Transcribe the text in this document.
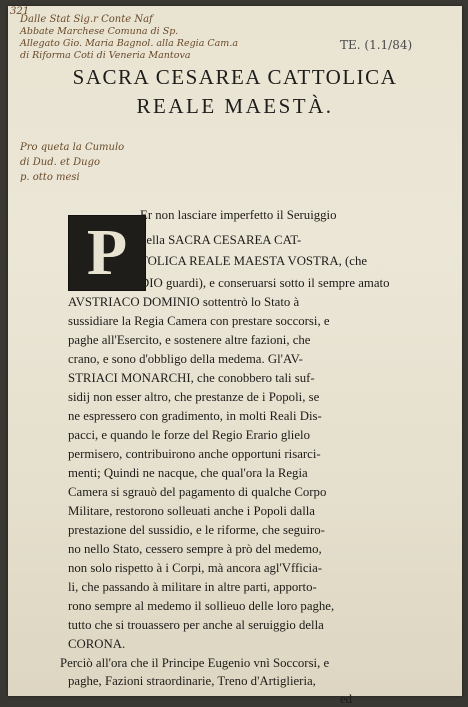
321
Dalle Stat Sig.r Conte Naf
Abbate Marchese Comuna di Sp.
Allegato Gio. Maria Bagnol. alla Regia Cam.a
di Riforma Coti di Veneria Mantova
TE. (1.1/84)
SACRA CESAREA CATTOLICA
REALE MAESTÀ.
Pro queta la Cumulo
di Dud. et Dugo
p. otto mesi
P
Er non lasciare imperfetto il Seruiggio
della SACRA CESAREA CAT-
TOLICA REALE MAESTA VOSTRA, (che
DIO guardi), e conseruarsi sotto il sempre amato
AVSTRIACO DOMINIO sottentrò lo Stato à
sussidiare la Regia Camera con prestare soccorsi, e
paghe all'Esercito, e sostenere altre fazioni, che
crano, e sono d'obbligo della medema. Gl'AV-
STRIACI MONARCHI, che conobbero tali suf-
sidij non esser altro, che prestanze de i Popoli, se
ne espressero con gradimento, in molti Reali Dis-
pacci, e quando le forze del Regio Erario glielo
permisero, contribuirono anche opportuni risarci-
menti; Quindi ne nacque, che qual'ora la Regia
Camera si sgrauò del pagamento di qualche Corpo
Militare, restorono solleuati anche i Popoli dalla
prestazione del sussidio, e le riforme, che seguiro-
no nello Stato, cessero sempre à prò del medemo,
non solo rispetto à i Corpi, mà ancora agl'Vfficia-
li, che passando à militare in altre parti, apporto-
rono sempre al medemo il sollieuo delle loro paghe,
tutto che si trouassero per anche al seruiggio della
CORONA.
Perciò all'ora che il Principe Eugenio vnì Soccorsi, e
paghe, Fazioni straordinarie, Treno d'Artiglieria,
ed
